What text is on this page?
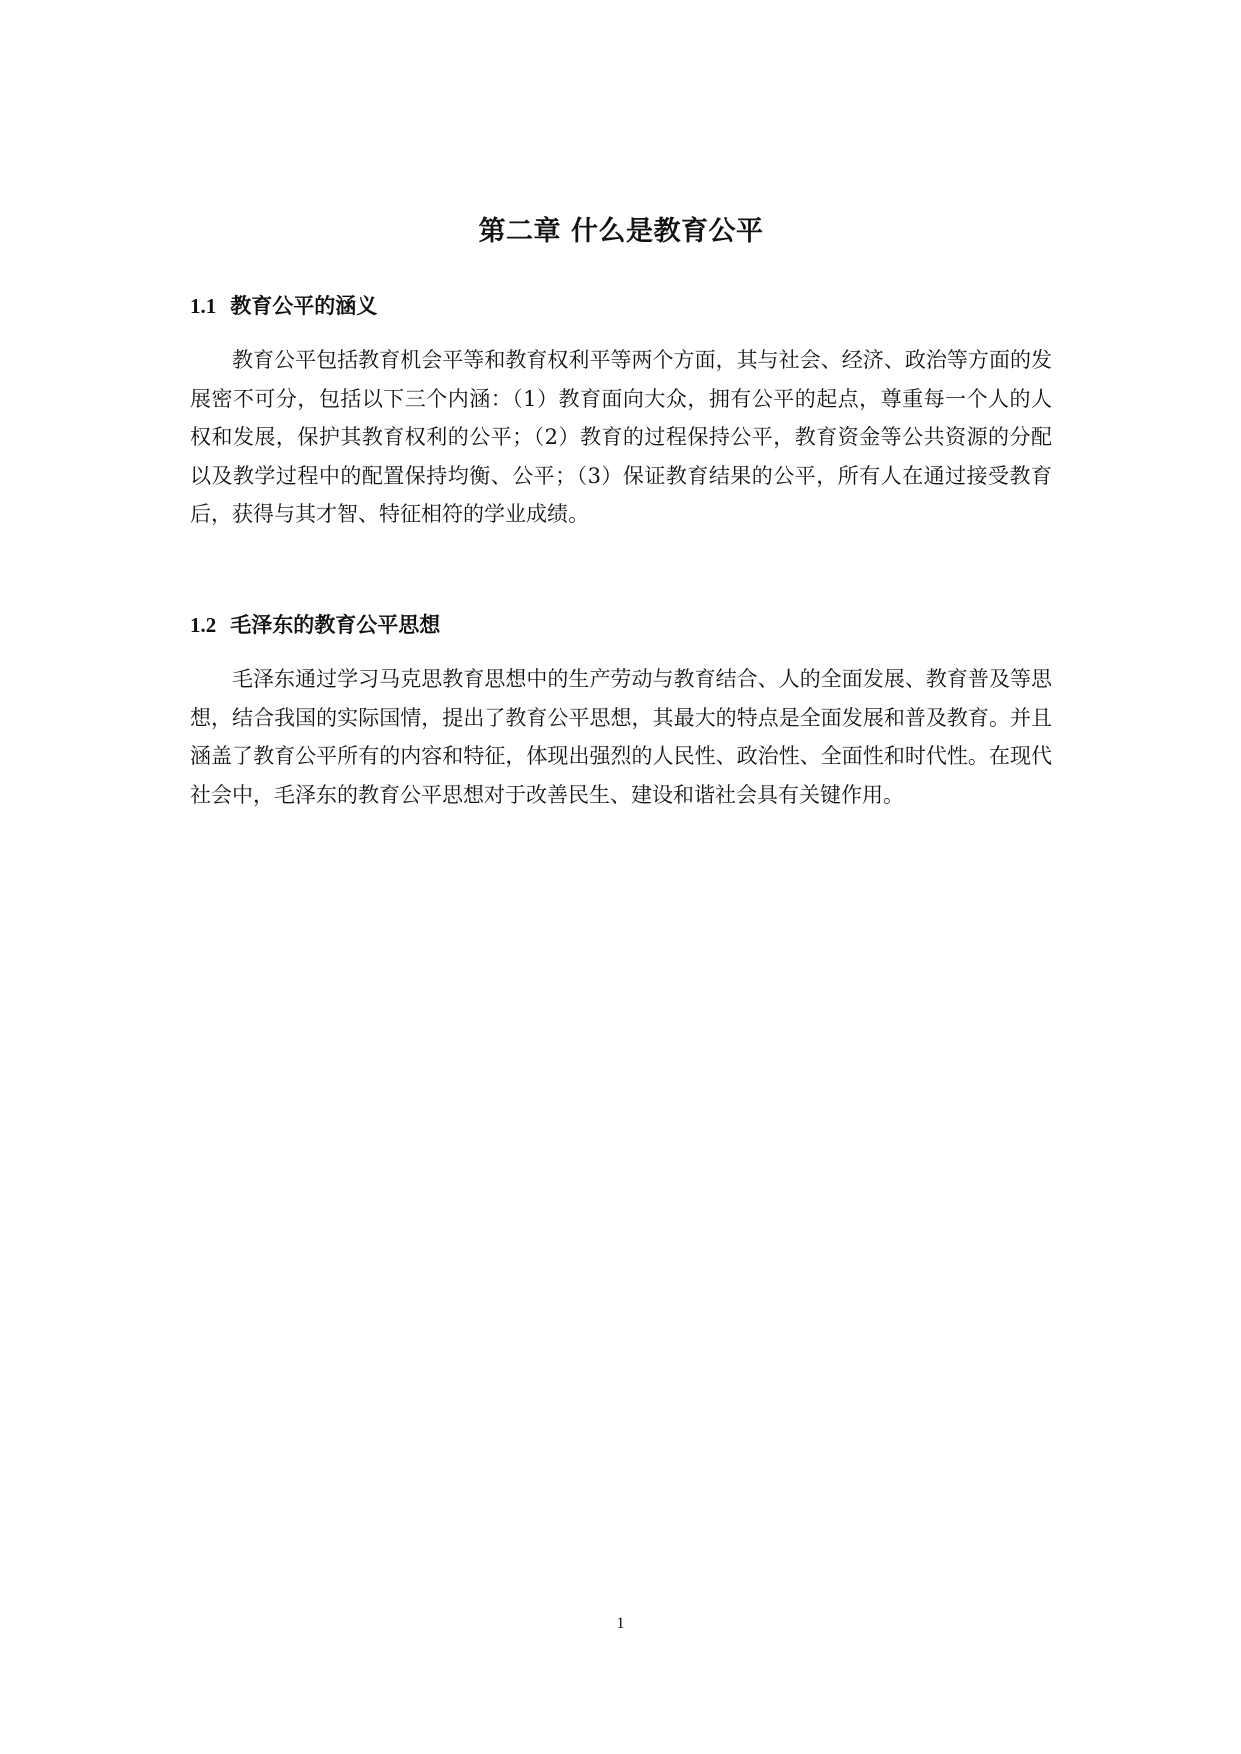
第二章 什么是教育公平
1.1 教育公平的涵义

教育公平包括教育机会平等和教育权利平等两个方面，其与社会、经济、政治等方面的发展密不可分，包括以下三个内涵：（1）教育面向大众，拥有公平的起点，尊重每一个人的人权和发展，保护其教育权利的公平；（2）教育的过程保持公平，教育资金等公共资源的分配以及教学过程中的配置保持均衡、公平；（3）保证教育结果的公平，所有人在通过接受教育后，获得与其才智、特征相符的学业成绩。

1.2 毛泽东的教育公平思想

毛泽东通过学习马克思教育思想中的生产劳动与教育结合、人的全面发展、教育普及等思想，结合我国的实际国情，提出了教育公平思想，其最大的特点是全面发展和普及教育。并且涵盖了教育公平所有的内容和特征，体现出强烈的人民性、政治性、全面性和时代性。在现代社会中，毛泽东的教育公平思想对于改善民生、建设和谐社会具有关键作用。

1
